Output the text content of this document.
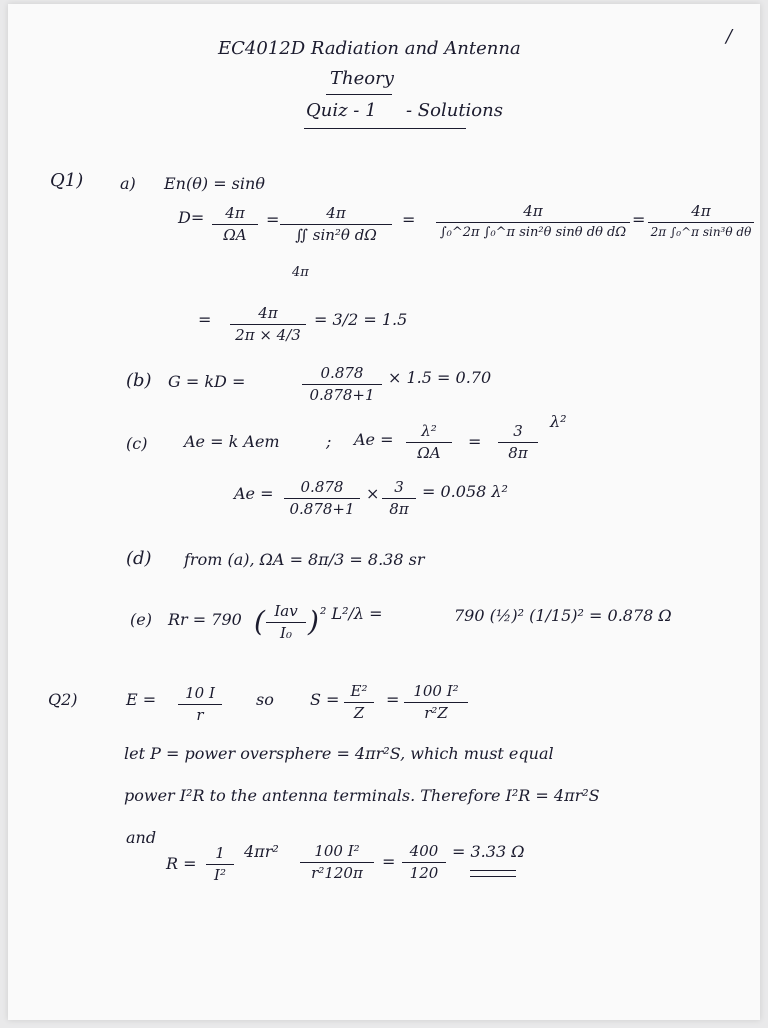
EC4012D Radiation and Antenna
/
Theory
Quiz - 1 - Solutions
Q1) a) En(θ) = sinθ
D=	4π
ΩA
=	4π
∬ sin²θ dΩ
4π
=	4π
∫₀^2π ∫₀^π sin²θ sinθ dθ dΩ
=	4π
2π ∫₀^π sin³θ dθ
=	4π
2π × 4/3
= 3/2 = 1.5
(b) G = kD =	0.878
0.878+1
× 1.5 = 0.70
(c) Ae = k Aem	; Ae =	λ²
ΩA
=
3
8π
λ²
Ae =	0.878
0.878+1
× 3
8π
= 0.058 λ²
(d) from (a), ΩA = 8π/3 = 8.38 sr
(e) Rr = 790 ( Iav
I₀ ) ² L²/λ =	790 (½)² (1/15)² = 0.878 Ω
Q2)	E =	10 I
r
so S = E²
Z
= 100 I²
r²Z
let P = power oversphere = 4πr²S, which must equal
power I²R to the antenna terminals. Therefore I²R = 4πr²S
and
R =
1
I²
4πr²	100 I²
r²120π
=
400
120
= 3.33 Ω
